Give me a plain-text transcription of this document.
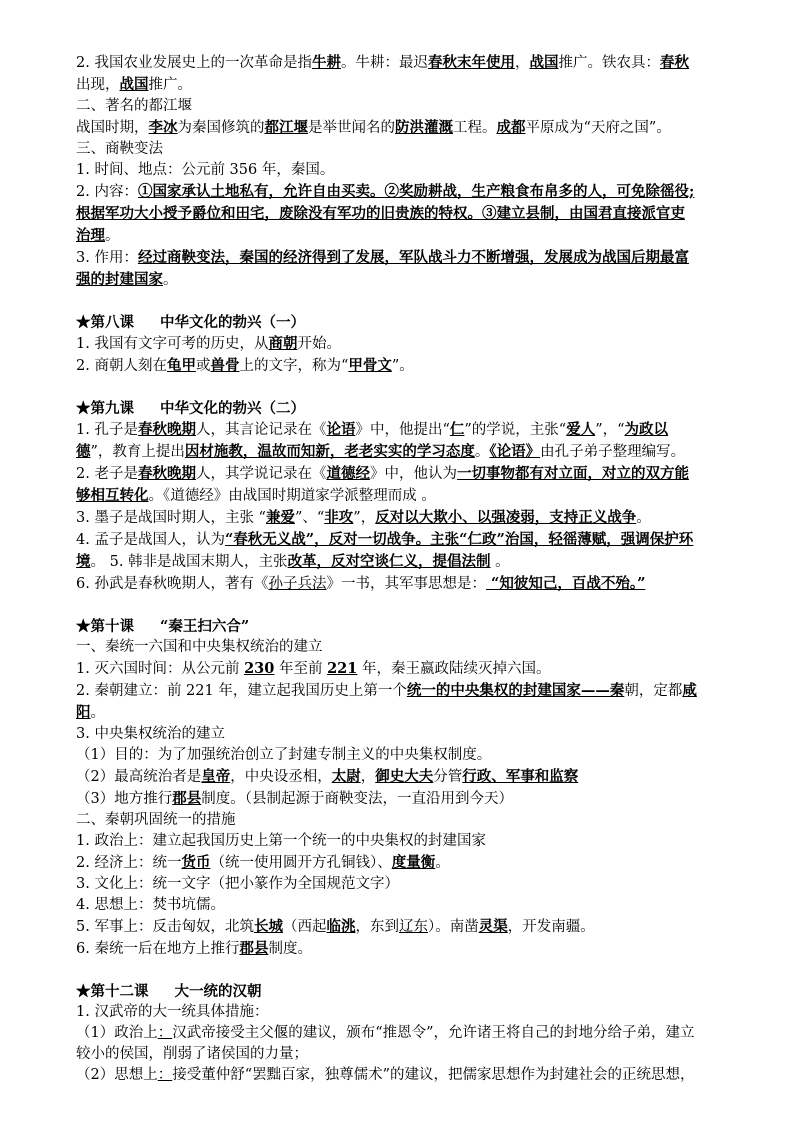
2. 我国农业发展史上的一次革命是指牛耕。牛耕：最迟春秋末年使用，战国推广。铁农具：春秋
出现，战国推广。
二、著名的都江堰
战国时期，李冰为秦国修筑的都江堰是举世闻名的防洪灌溉工程。成都平原成为“天府之国”。
三、商鞅变法
1. 时间、地点：公元前 356 年，秦国。
2. 内容：①国家承认土地私有，允许自由买卖。②奖励耕战，生产粮食布帛多的人，可免除徭役;
根据军功大小授予爵位和田宅，废除没有军功的旧贵族的特权。③建立县制，由国君直接派官吏
治理。
3. 作用：经过商鞅变法，秦国的经济得到了发展，军队战斗力不断增强，发展成为战国后期最富
强的封建国家。
★第八课 中华文化的勃兴（一）
1. 我国有文字可考的历史，从商朝开始。
2. 商朝人刻在龟甲或兽骨上的文字，称为“甲骨文”。
★第九课 中华文化的勃兴（二）
1. 孔子是春秋晚期人，其言论记录在《论语》中，他提出“仁”的学说，主张“爱人”，“为政以
德”，教育上提出因材施教，温故而知新，老老实实的学习态度。《论语》由孔子弟子整理编写。
2. 老子是春秋晚期人，其学说记录在《道德经》中，他认为一切事物都有对立面，对立的双方能
够相互转化。《道德经》由战国时期道家学派整理而成 。
3. 墨子是战国时期人，主张 “兼爱”、“非攻”，反对以大欺小、以强凌弱，支持正义战争。
4. 孟子是战国人，认为“春秋无义战”，反对一切战争。主张“仁政”治国，轻徭薄赋，强调保护环
境。 5. 韩非是战国末期人，主张改革，反对空谈仁义，提倡法制 。
6. 孙武是春秋晚期人，著有《孙子兵法》一书，其军事思想是： “知彼知己，百战不殆。”
★第十课 “秦王扫六合”
一、秦统一六国和中央集权统治的建立
1. 灭六国时间：从公元前 230 年至前 221 年，秦王嬴政陆续灭掉六国。
2. 秦朝建立：前 221 年，建立起我国历史上第一个统一的中央集权的封建国家——秦朝，定都咸
阳。
3. 中央集权统治的建立
（1）目的：为了加强统治创立了封建专制主义的中央集权制度。
（2）最高统治者是皇帝，中央设丞相，太尉，御史大夫分管行政、军事和监察
（3）地方推行郡县制度。（县制起源于商鞅变法，一直沿用到今天）
二、秦朝巩固统一的措施
1. 政治上：建立起我国历史上第一个统一的中央集权的封建国家
2. 经济上：统一货币（统一使用圆开方孔铜钱）、度量衡。
3. 文化上：统一文字（把小篆作为全国规范文字）
4. 思想上：焚书坑儒。
5. 军事上：反击匈奴，北筑长城（西起临洮，东到辽东）。南凿灵渠，开发南疆。
6. 秦统一后在地方上推行郡县制度。
★第十二课 大一统的汉朝
1. 汉武帝的大一统具体措施：
（1）政治上：汉武帝接受主父偃的建议，颁布“推恩令”，允许诸王将自己的封地分给子弟，建立
较小的侯国，削弱了诸侯国的力量；
（2）思想上：接受董仲舒“罢黜百家，独尊儒术”的建议，把儒家思想作为封建社会的正统思想，
